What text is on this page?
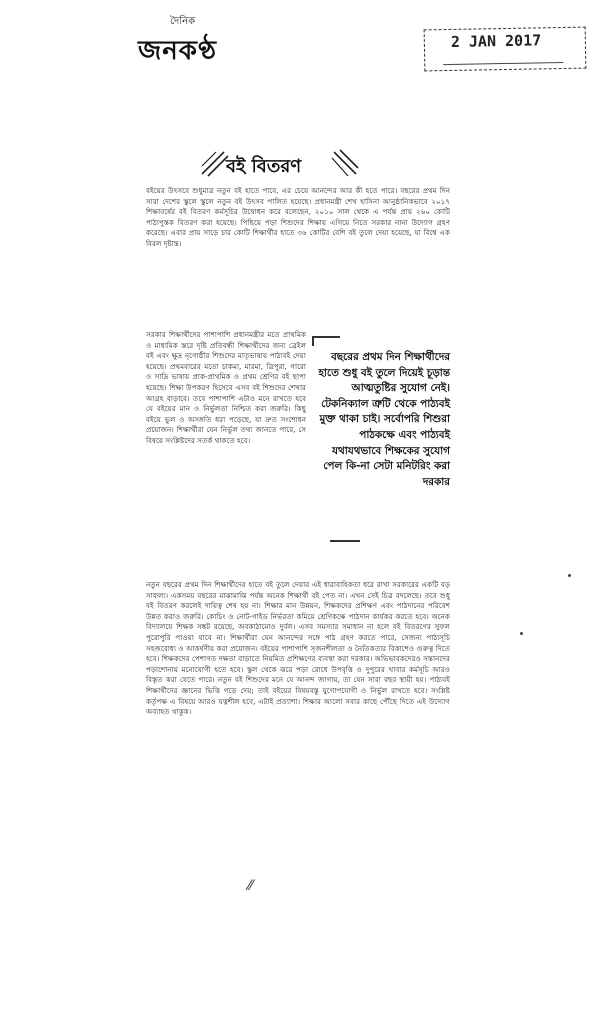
দৈনিক
জনকণ্ঠ	2 JAN 2017
বই বিতরণ
বইয়ের উৎসবে শুধুমাত্র নতুন বই হাতে পাবে, এর চেয়ে আনন্দের আর কী হতে পারে। বছরের প্রথম দিন সারা দেশের স্কুলে স্কুলে নতুন বই উৎসব পালিত হয়েছে। প্রধানমন্ত্রী শেখ হাসিনা আনুষ্ঠানিকভাবে ২০১৭ শিক্ষাবর্ষের বই বিতরণ কর্মসূচির উদ্বোধন করে বলেছেন, ২০১০ সাল থেকে এ পর্যন্ত প্রায় ২৬০ কোটি পাঠ্যপুস্তক বিতরণ করা হয়েছে। পিছিয়ে পড়া শিশুদের শিক্ষায় এগিয়ে নিতে সরকার নানা উদ্যোগ গ্রহণ করেছে। এবার প্রায় সাড়ে চার কোটি শিক্ষার্থীর হাতে ৩৬ কোটির বেশি বই তুলে দেয়া হয়েছে, যা বিশ্বে এক বিরল দৃষ্টান্ত।
সরকার শিক্ষার্থীদের পাশাপাশি প্রধানমন্ত্রীর মতে প্রাথমিক ও মাধ্যমিক স্তরে দৃষ্টি প্রতিবন্ধী শিক্ষার্থীদের জন্য ব্রেইল বই এবং ক্ষুদ্র নৃগোষ্ঠীর শিশুদের মাতৃভাষায় পাঠ্যবই দেয়া হয়েছে। প্রথমবারের মতো চাকমা, মারমা, ত্রিপুরা, গারো ও সাদ্রি ভাষায় প্রাক-প্রাথমিক ও প্রথম শ্রেণির বই ছাপা হয়েছে। শিক্ষা উপকরণ হিসেবে এসব বই শিশুদের শেখার আগ্রহ বাড়াবে। তবে পাশাপাশি এটাও মনে রাখতে হবে যে বইয়ের মান ও নির্ভুলতা নিশ্চিত করা জরুরি। কিছু বইয়ে ভুল ও অসঙ্গতি ধরা পড়েছে, যা দ্রুত সংশোধন প্রয়োজন। শিক্ষার্থীরা যেন নির্ভুল তথ্য জানতে পারে, সে বিষয়ে সংশ্লিষ্টদের সতর্ক থাকতে হবে।
বছরের প্রথম দিন শিক্ষার্থীদের হাতে শুধু বই তুলে দিয়েই চূড়ান্ত আত্মতুষ্টির সুযোগ নেই। টেকনিক্যাল ত্রুটি থেকে পাঠ্যবই মুক্ত থাকা চাই। সর্বোপরি শিশুরা পাঠকক্ষে এবং পাঠ্যবই যথাযথভাবে শিক্ষকের সুযোগ পেল কি-না সেটা মনিটরিং করা দরকার
নতুন বছরের প্রথম দিন শিক্ষার্থীদের হাতে বই তুলে দেয়ার এই ধারাবাহিকতা ধরে রাখা সরকারের একটি বড় সাফল্য। একসময় বছরের মাঝামাঝি পর্যন্ত অনেক শিক্ষার্থী বই পেত না। এখন সেই চিত্র বদলেছে। তবে শুধু বই বিতরণ করলেই দায়িত্ব শেষ হয় না। শিক্ষার মান উন্নয়ন, শিক্ষকদের প্রশিক্ষণ এবং পাঠদানের পরিবেশ উন্নত করাও জরুরি। কোচিং ও নোট-গাইড নির্ভরতা কমিয়ে শ্রেণিকক্ষে পাঠদান কার্যকর করতে হবে। অনেক বিদ্যালয়ে শিক্ষক সঙ্কট রয়েছে, অবকাঠামোও দুর্বল। এসব সমস্যার সমাধান না হলে বই বিতরণের সুফল পুরোপুরি পাওয়া যাবে না। শিক্ষার্থীরা যেন আনন্দের সঙ্গে পাঠ গ্রহণ করতে পারে, সেজন্য পাঠ্যসূচি সহজবোধ্য ও আকর্ষণীয় করা প্রয়োজন। বইয়ের পাশাপাশি সৃজনশীলতা ও নৈতিকতার বিকাশেও গুরুত্ব দিতে হবে। শিক্ষকদের পেশাগত দক্ষতা বাড়াতে নিয়মিত প্রশিক্ষণের ব্যবস্থা করা দরকার। অভিভাবকদেরও সন্তানদের পড়াশোনায় মনোযোগী হতে হবে। স্কুল থেকে ঝরে পড়া রোধে উপবৃত্তি ও দুপুরের খাবার কর্মসূচি আরও বিস্তৃত করা যেতে পারে। নতুন বই শিশুদের মনে যে আনন্দ জাগায়, তা যেন সারা বছর স্থায়ী হয়। পাঠ্যবই শিক্ষার্থীদের জ্ঞানের ভিত্তি গড়ে দেয়; তাই বইয়ের বিষয়বস্তু যুগোপযোগী ও নির্ভুল রাখতে হবে। সংশ্লিষ্ট কর্তৃপক্ষ এ বিষয়ে আরও যত্নশীল হবে, এটাই প্রত্যাশা। শিক্ষার আলো সবার কাছে পৌঁছে দিতে এই উদ্যোগ অব্যাহত থাকুক।
⁄⁄
